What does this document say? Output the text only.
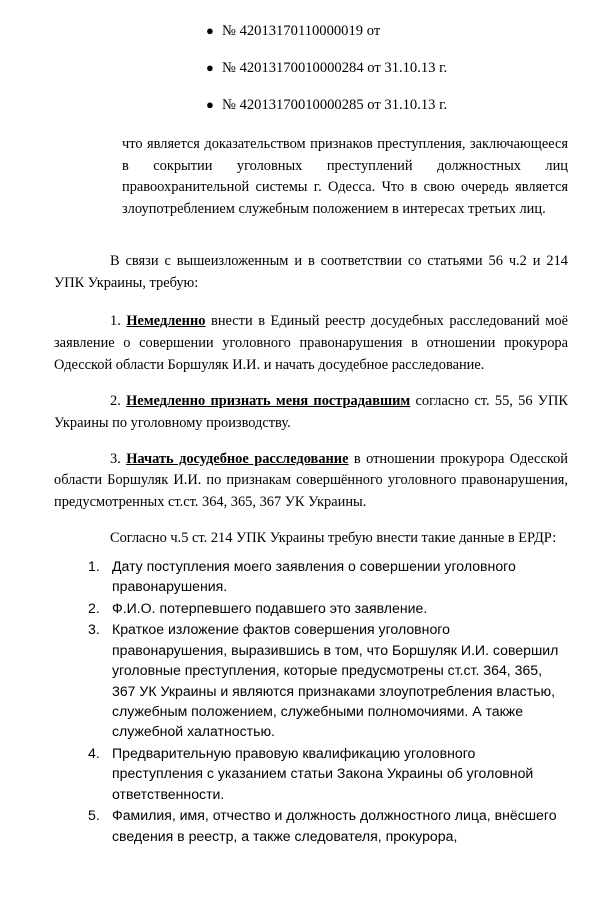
● № 42013170110000019 от
● № 42013170010000284 от 31.10.13 г.
● № 42013170010000285 от 31.10.13 г.

что является доказательством признаков преступления, заключающееся в сокрытии уголовных преступлений должностных лиц правоохранительной системы г. Одесса. Что в свою очередь является злоупотреблением служебным положением в интересах третьих лиц.

В связи с вышеизложенным и в соответствии со статьями 56 ч.2 и 214 УПК Украины, требую:

1. Немедленно внести в Единый реестр досудебных расследований моё заявление о совершении уголовного правонарушения в отношении прокурора Одесской области Боршуляк И.И. и начать досудебное расследование.

2. Немедленно признать меня пострадавшим согласно ст. 55, 56 УПК Украины по уголовному производству.

3. Начать досудебное расследование в отношении прокурора Одесской области Боршуляк И.И. по признакам совершённого уголовного правонарушения, предусмотренных ст.ст. 364, 365, 367 УК Украины.

Согласно ч.5 ст. 214 УПК Украины требую внести такие данные в ЕРДР:

Дату поступления моего заявления о совершении уголовного правонарушения.
Ф.И.О. потерпевшего подавшего это заявление.
Краткое изложение фактов совершения уголовного правонарушения, выразившись в том, что Боршуляк И.И. совершил уголовные преступления, которые предусмотрены ст.ст. 364, 365, 367 УК Украины и являются признаками злоупотребления властью, служебным положением, служебными полномочиями. А также служебной халатностью.
Предварительную правовую квалификацию уголовного преступления с указанием статьи Закона Украины об уголовной ответственности.
Фамилия, имя, отчество и должность должностного лица, внёсшего сведения в реестр, а также следователя, прокурора,
